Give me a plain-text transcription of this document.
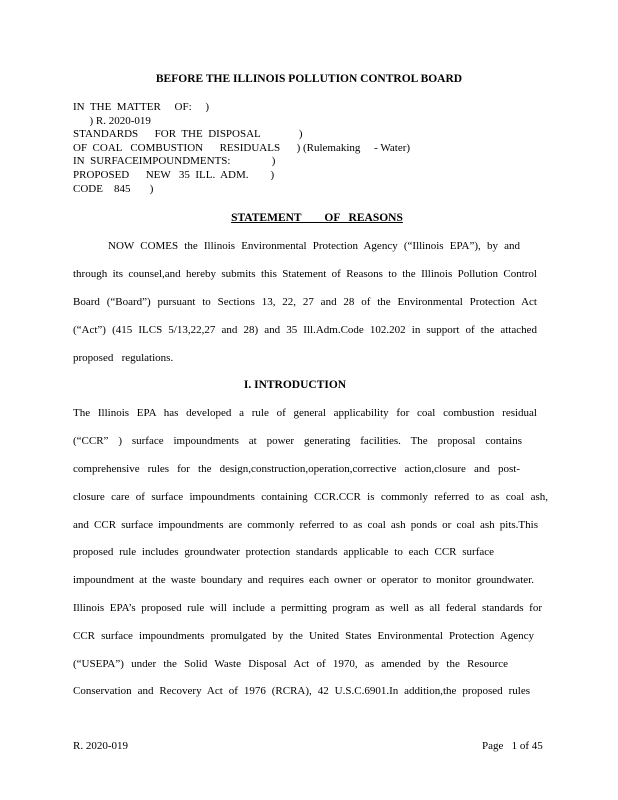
BEFORE THE ILLINOIS POLLUTION CONTROL BOARD
IN  THE  MATTER     OF:     )
) R. 2020-019
STANDARDS      FOR  THE  DISPOSAL              )
OF  COAL   COMBUSTION      RESIDUALS      ) (Rulemaking     - Water)
IN  SURFACEIMPOUNDMENTS:               )
PROPOSED      NEW   35  ILL.  ADM.        )
CODE    845       )
STATEMENT        OF   REASONS
NOW COMES the Illinois Environmental Protection Agency (“Illinois EPA”), by and
through its counsel,and hereby submits this Statement of Reasons to the Illinois Pollution Control
Board (“Board”) pursuant to Sections 13, 22, 27 and 28 of the Environmental Protection Act
(“Act”) (415 ILCS 5/13,22,27 and 28) and 35 Ill.Adm.Code 102.202 in support of the attached
proposed   regulations.
I. INTRODUCTION
The Illinois EPA has developed a rule of general applicability for coal combustion residual
(“CCR” ) surface impoundments at power generating facilities. The proposal contains
comprehensive rules for the design,construction,operation,corrective action,closure and post-
closure care of surface impoundments containing CCR.CCR is commonly referred to as coal ash,
and CCR surface impoundments are commonly referred to as coal ash ponds or coal ash pits.This
proposed rule includes groundwater protection standards applicable to each CCR surface
impoundment at the waste boundary and requires each owner or operator to monitor groundwater.
Illinois EPA’s proposed rule will include a permitting program as well as all federal standards for
CCR surface impoundments promulgated by the United States Environmental Protection Agency
(“USEPA”) under the Solid Waste Disposal Act of 1970, as amended by the Resource
Conservation and Recovery Act of 1976 (RCRA), 42 U.S.C.6901.In addition,the proposed rules
R. 2020-019	Page   1 of 45
